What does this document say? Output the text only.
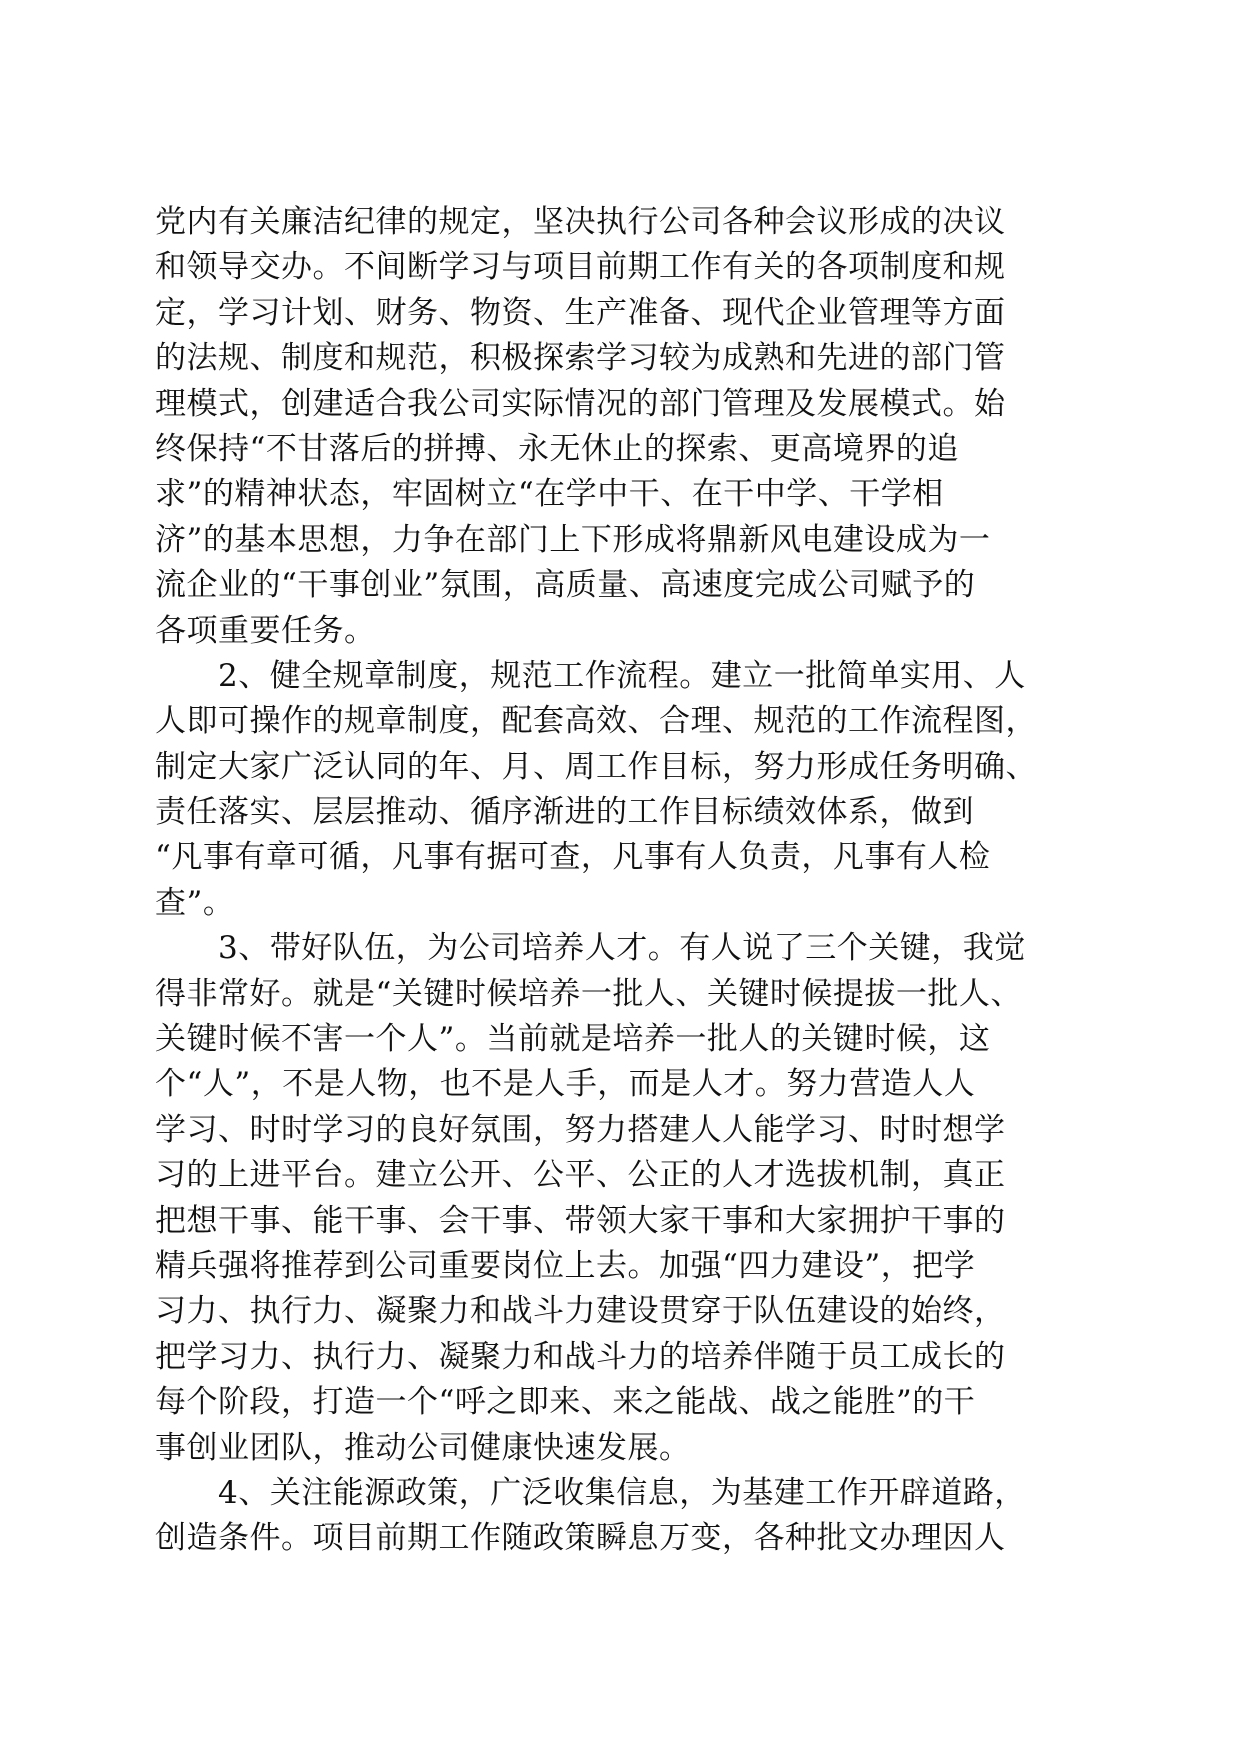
党内有关廉洁纪律的规定，坚决执行公司各种会议形成的决议
和领导交办。不间断学习与项目前期工作有关的各项制度和规
定，学习计划、财务、物资、生产准备、现代企业管理等方面
的法规、制度和规范，积极探索学习较为成熟和先进的部门管
理模式，创建适合我公司实际情况的部门管理及发展模式。始
终保持“不甘落后的拼搏、永无休止的探索、更高境界的追
求”的精神状态，牢固树立“在学中干、在干中学、干学相
济”的基本思想，力争在部门上下形成将鼎新风电建设成为一
流企业的“干事创业”氛围，高质量、高速度完成公司赋予的
各项重要任务。
　　2、健全规章制度，规范工作流程。建立一批简单实用、人
人即可操作的规章制度，配套高效、合理、规范的工作流程图，
制定大家广泛认同的年、月、周工作目标，努力形成任务明确、
责任落实、层层推动、循序渐进的工作目标绩效体系，做到
“凡事有章可循，凡事有据可查，凡事有人负责，凡事有人检
查”。
　　3、带好队伍，为公司培养人才。有人说了三个关键，我觉
得非常好。就是“关键时候培养一批人、关键时候提拔一批人、
关键时候不害一个人”。当前就是培养一批人的关键时候，这
个“人”，不是人物，也不是人手，而是人才。努力营造人人
学习、时时学习的良好氛围，努力搭建人人能学习、时时想学
习的上进平台。建立公开、公平、公正的人才选拔机制，真正
把想干事、能干事、会干事、带领大家干事和大家拥护干事的
精兵强将推荐到公司重要岗位上去。加强“四力建设”，把学
习力、执行力、凝聚力和战斗力建设贯穿于队伍建设的始终，
把学习力、执行力、凝聚力和战斗力的培养伴随于员工成长的
每个阶段，打造一个“呼之即来、来之能战、战之能胜”的干
事创业团队，推动公司健康快速发展。
　　4、关注能源政策，广泛收集信息，为基建工作开辟道路，
创造条件。项目前期工作随政策瞬息万变，各种批文办理因人
